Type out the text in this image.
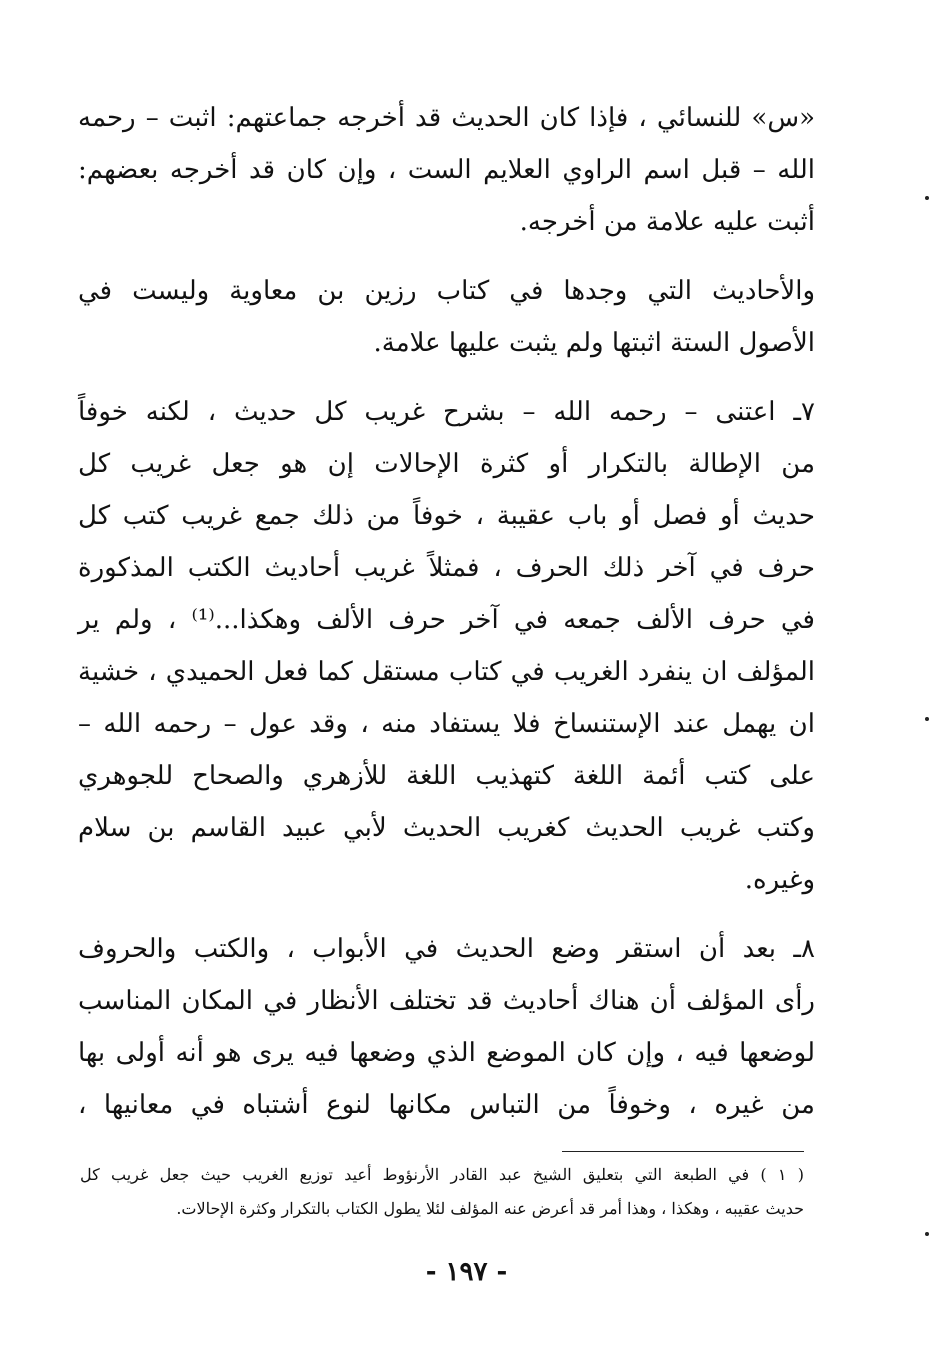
«س» للنسائي ، فإذا كان الحديث قد أخرجه جماعتهم: اثبت – رحمه
الله – قبل اسم الراوي العلايم الست ، وإن كان قد أخرجه بعضهم:
أثبت عليه علامة من أخرجه.
والأحاديث التي وجدها في كتاب رزين بن معاوية وليست في
الأصول الستة اثبتها ولم يثبت عليها علامة.
٧ـ اعتنى – رحمه الله – بشرح غريب كل حديث ، لكنه خوفاً
من الإطالة بالتكرار أو كثرة الإحالات إن هو جعل غريب كل
حديث أو فصل أو باب عقيبة ، خوفاً من ذلك جمع غريب كتب كل
حرف في آخر ذلك الحرف ، فمثلاً غريب أحاديث الكتب المذكورة
في حرف الألف جمعه في آخر حرف الألف وهكذا...⁽¹⁾ ، ولم ير
المؤلف ان ينفرد الغريب في كتاب مستقل كما فعل الحميدي ، خشية
ان يهمل عند الإستنساخ فلا يستفاد منه ، وقد عول – رحمه الله –
على كتب أئمة اللغة كتهذيب اللغة للأزهري والصحاح للجوهري
وكتب غريب الحديث كغريب الحديث لأبي عبيد القاسم بن سلام
وغيره.
٨ـ بعد أن استقر وضع الحديث في الأبواب ، والكتب والحروف
رأى المؤلف أن هناك أحاديث قد تختلف الأنظار في المكان المناسب
لوضعها فيه ، وإن كان الموضع الذي وضعها فيه يرى هو أنه أولى بها
من غيره ، وخوفاً من التباس مكانها لنوع أشتباه في معانيها ،
( ١ ) في الطبعة التي بتعليق الشيخ عبد القادر الأرنؤوط أعيد توزيع الغريب حيث جعل غريب كل
حديث عقيبه ، وهكذا ، وهذا أمر قد أعرض عنه المؤلف لئلا يطول الكتاب بالتكرار وكثرة الإحالات.
- ١٩٧ -
